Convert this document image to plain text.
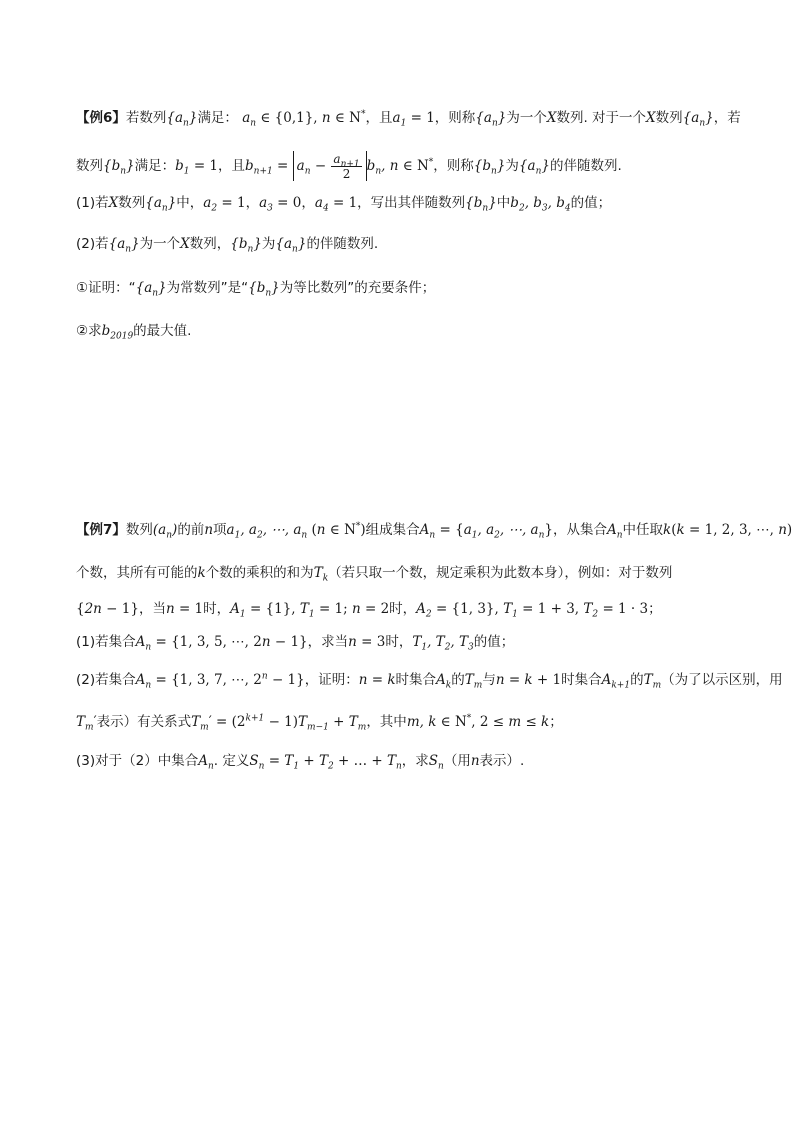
【例6】若数列$\{a_n\}$满足： $a_n$ ∈ {0,1}, n ∈ N*，且$a_1 = 1$，则称$\{a_n\}$为一个X数列. 对于一个X数列$\{a_n\}$，若
数列$\{b_n\}$满足：$b_1 = 1$，且$b_{n+1} = a_n - \frac{a_{n+1}}{2} b_n$, n ∈ N*，则称$\{b_n\}$为$\{a_n\}$的伴随数列.
(1)若X数列$\{a_n\}$中，$a_2 = 1$，$a_3 = 0$，$a_4 = 1$，写出其伴随数列$\{b_n\}$中$b_2$, $b_3$, $b_4$的值；
(2)若$\{a_n\}$为一个X数列，$\{b_n\}$为$\{a_n\}$的伴随数列.
①证明：“$\{a_n\}$为常数列”是“$\{b_n\}$为等比数列”的充要条件；
②求$b_{2019}$的最大值.
【例7】数列$(a_n)$的前n项$a_1$, $a_2$, ⋯, $a_n$ (n ∈ N*)组成集合$A_n = \{a_1$, $a_2$, ⋯, $a_n$}，从集合$A_n$中任取k(k = 1, 2, 3, ⋯, n)
个数，其所有可能的k个数的乘积的和为$T_k$（若只取一个数，规定乘积为此数本身），例如：对于数列
{2n − 1}，当n = 1时，$A_1 = \{1\}$, $T_1 = 1$; n = 2时，$A_2 = \{1$, 3}, $T_1 = 1 + 3$, $T_2 = 1 \cdot 3$；
(1)若集合$A_n = \{1$, 3, 5, ⋯, 2n − 1}，求当n = 3时，$T_1$, $T_2$, $T_3$的值；
(2)若集合$A_n = \{1$, 3, 7, ⋯, $2^n - 1$}，证明：n = k时集合$A_k$的$T_m$与n = k + 1时集合$A_{k+1}$的$T_m$（为了以示区别，用
$T_m'$表示）有关系式$T_m' = (2^{k+1} - 1)T_{m-1} + T_m$，其中m, k ∈ N*, 2 ≤ m ≤ k；
(3)对于（2）中集合$A_n$. 定义$S_n = T_1 + T_2$ + … + $T_n$，求$S_n$（用n表示）.
